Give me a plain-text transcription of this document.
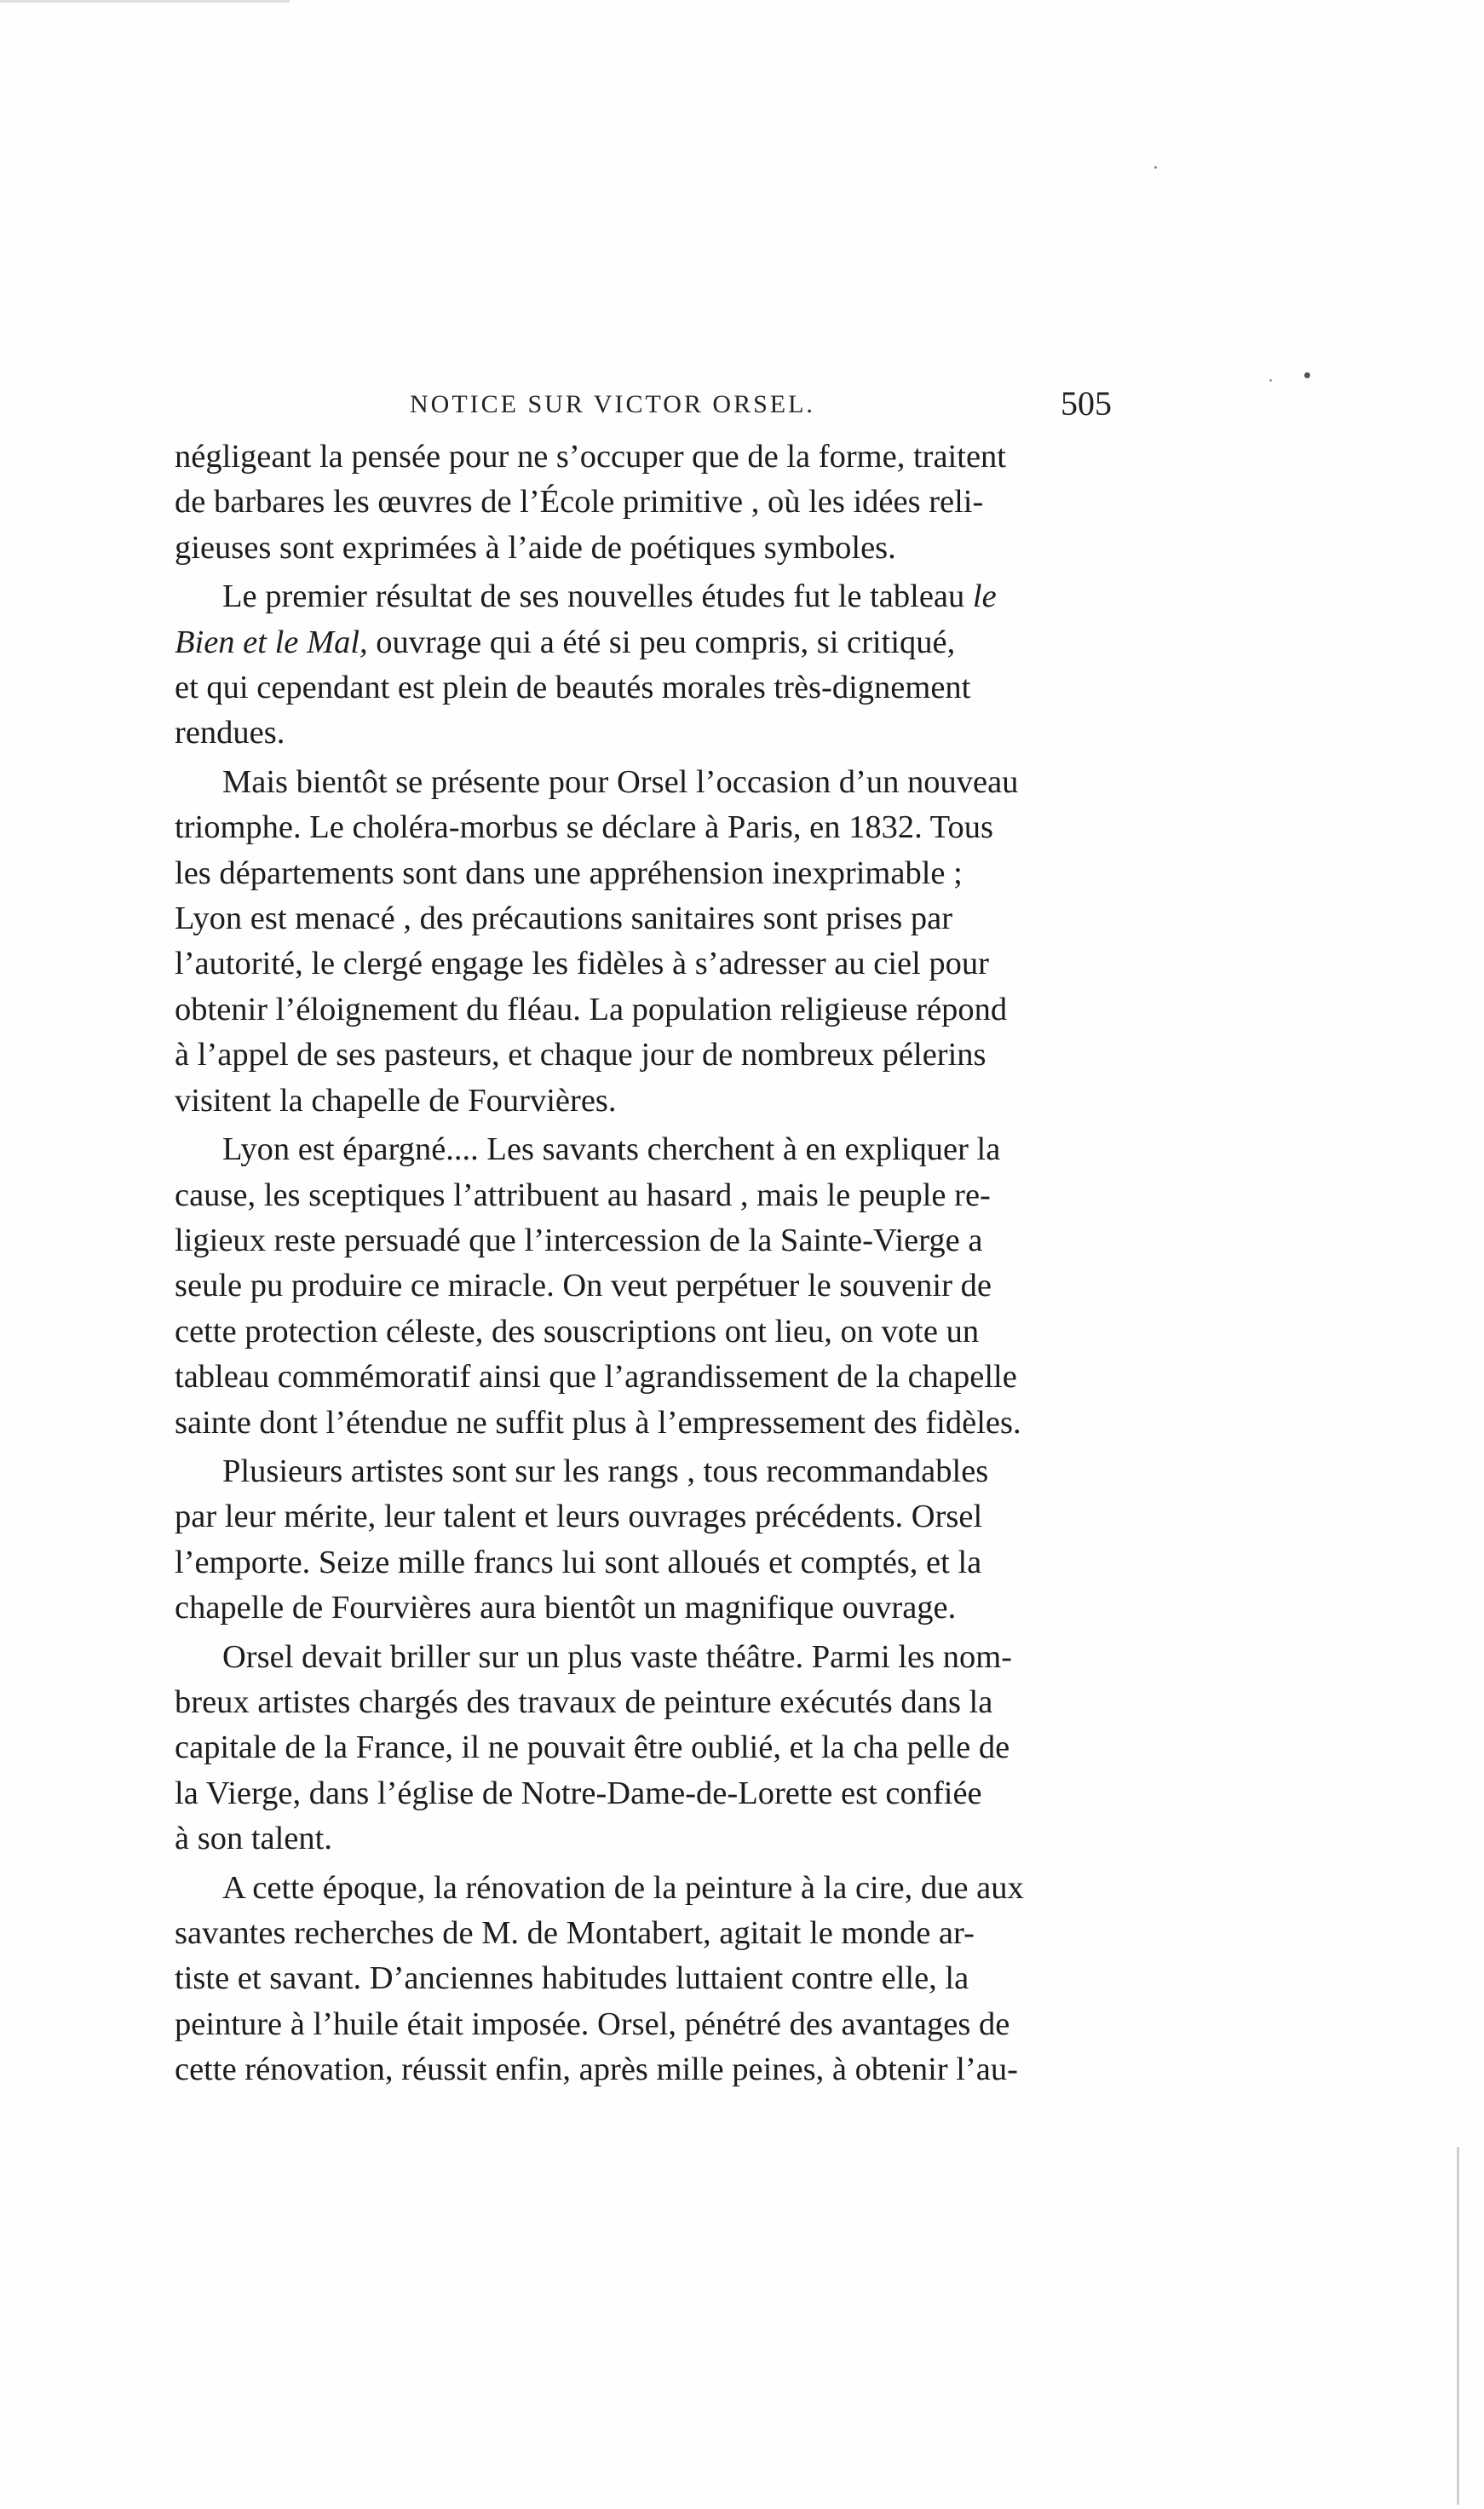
NOTICE SUR VICTOR ORSEL.	505

négligeant la pensée pour ne s’occuper que de la forme, traitent
de barbares les œuvres de l’École primitive , où les idées reli-
gieuses sont exprimées à l’aide de poétiques symboles.

Le premier résultat de ses nouvelles études fut le tableau le
Bien et le Mal, ouvrage qui a été si peu compris, si critiqué,
et qui cependant est plein de beautés morales très-dignement
rendues.

Mais bientôt se présente pour Orsel l’occasion d’un nouveau
triomphe. Le choléra-morbus se déclare à Paris, en 1832. Tous
les départements sont dans une appréhension inexprimable ;
Lyon est menacé , des précautions sanitaires sont prises par
l’autorité, le clergé engage les fidèles à s’adresser au ciel pour
obtenir l’éloignement du fléau. La population religieuse répond
à l’appel de ses pasteurs, et chaque jour de nombreux pélerins
visitent la chapelle de Fourvières.

Lyon est épargné.... Les savants cherchent à en expliquer la
cause, les sceptiques l’attribuent au hasard , mais le peuple re-
ligieux reste persuadé que l’intercession de la Sainte-Vierge a
seule pu produire ce miracle. On veut perpétuer le souvenir de
cette protection céleste, des souscriptions ont lieu, on vote un
tableau commémoratif ainsi que l’agrandissement de la chapelle
sainte dont l’étendue ne suffit plus à l’empressement des fidèles.

Plusieurs artistes sont sur les rangs , tous recommandables
par leur mérite, leur talent et leurs ouvrages précédents. Orsel
l’emporte. Seize mille francs lui sont alloués et comptés, et la
chapelle de Fourvières aura bientôt un magnifique ouvrage.

Orsel devait briller sur un plus vaste théâtre. Parmi les nom-
breux artistes chargés des travaux de peinture exécutés dans la
capitale de la France, il ne pouvait être oublié, et la cha pelle de
la Vierge, dans l’église de Notre-Dame-de-Lorette est confiée
à son talent.

A cette époque, la rénovation de la peinture à la cire, due aux
savantes recherches de M. de Montabert, agitait le monde ar-
tiste et savant. D’anciennes habitudes luttaient contre elle, la
peinture à l’huile était imposée. Orsel, pénétré des avantages de
cette rénovation, réussit enfin, après mille peines, à obtenir l’au-
